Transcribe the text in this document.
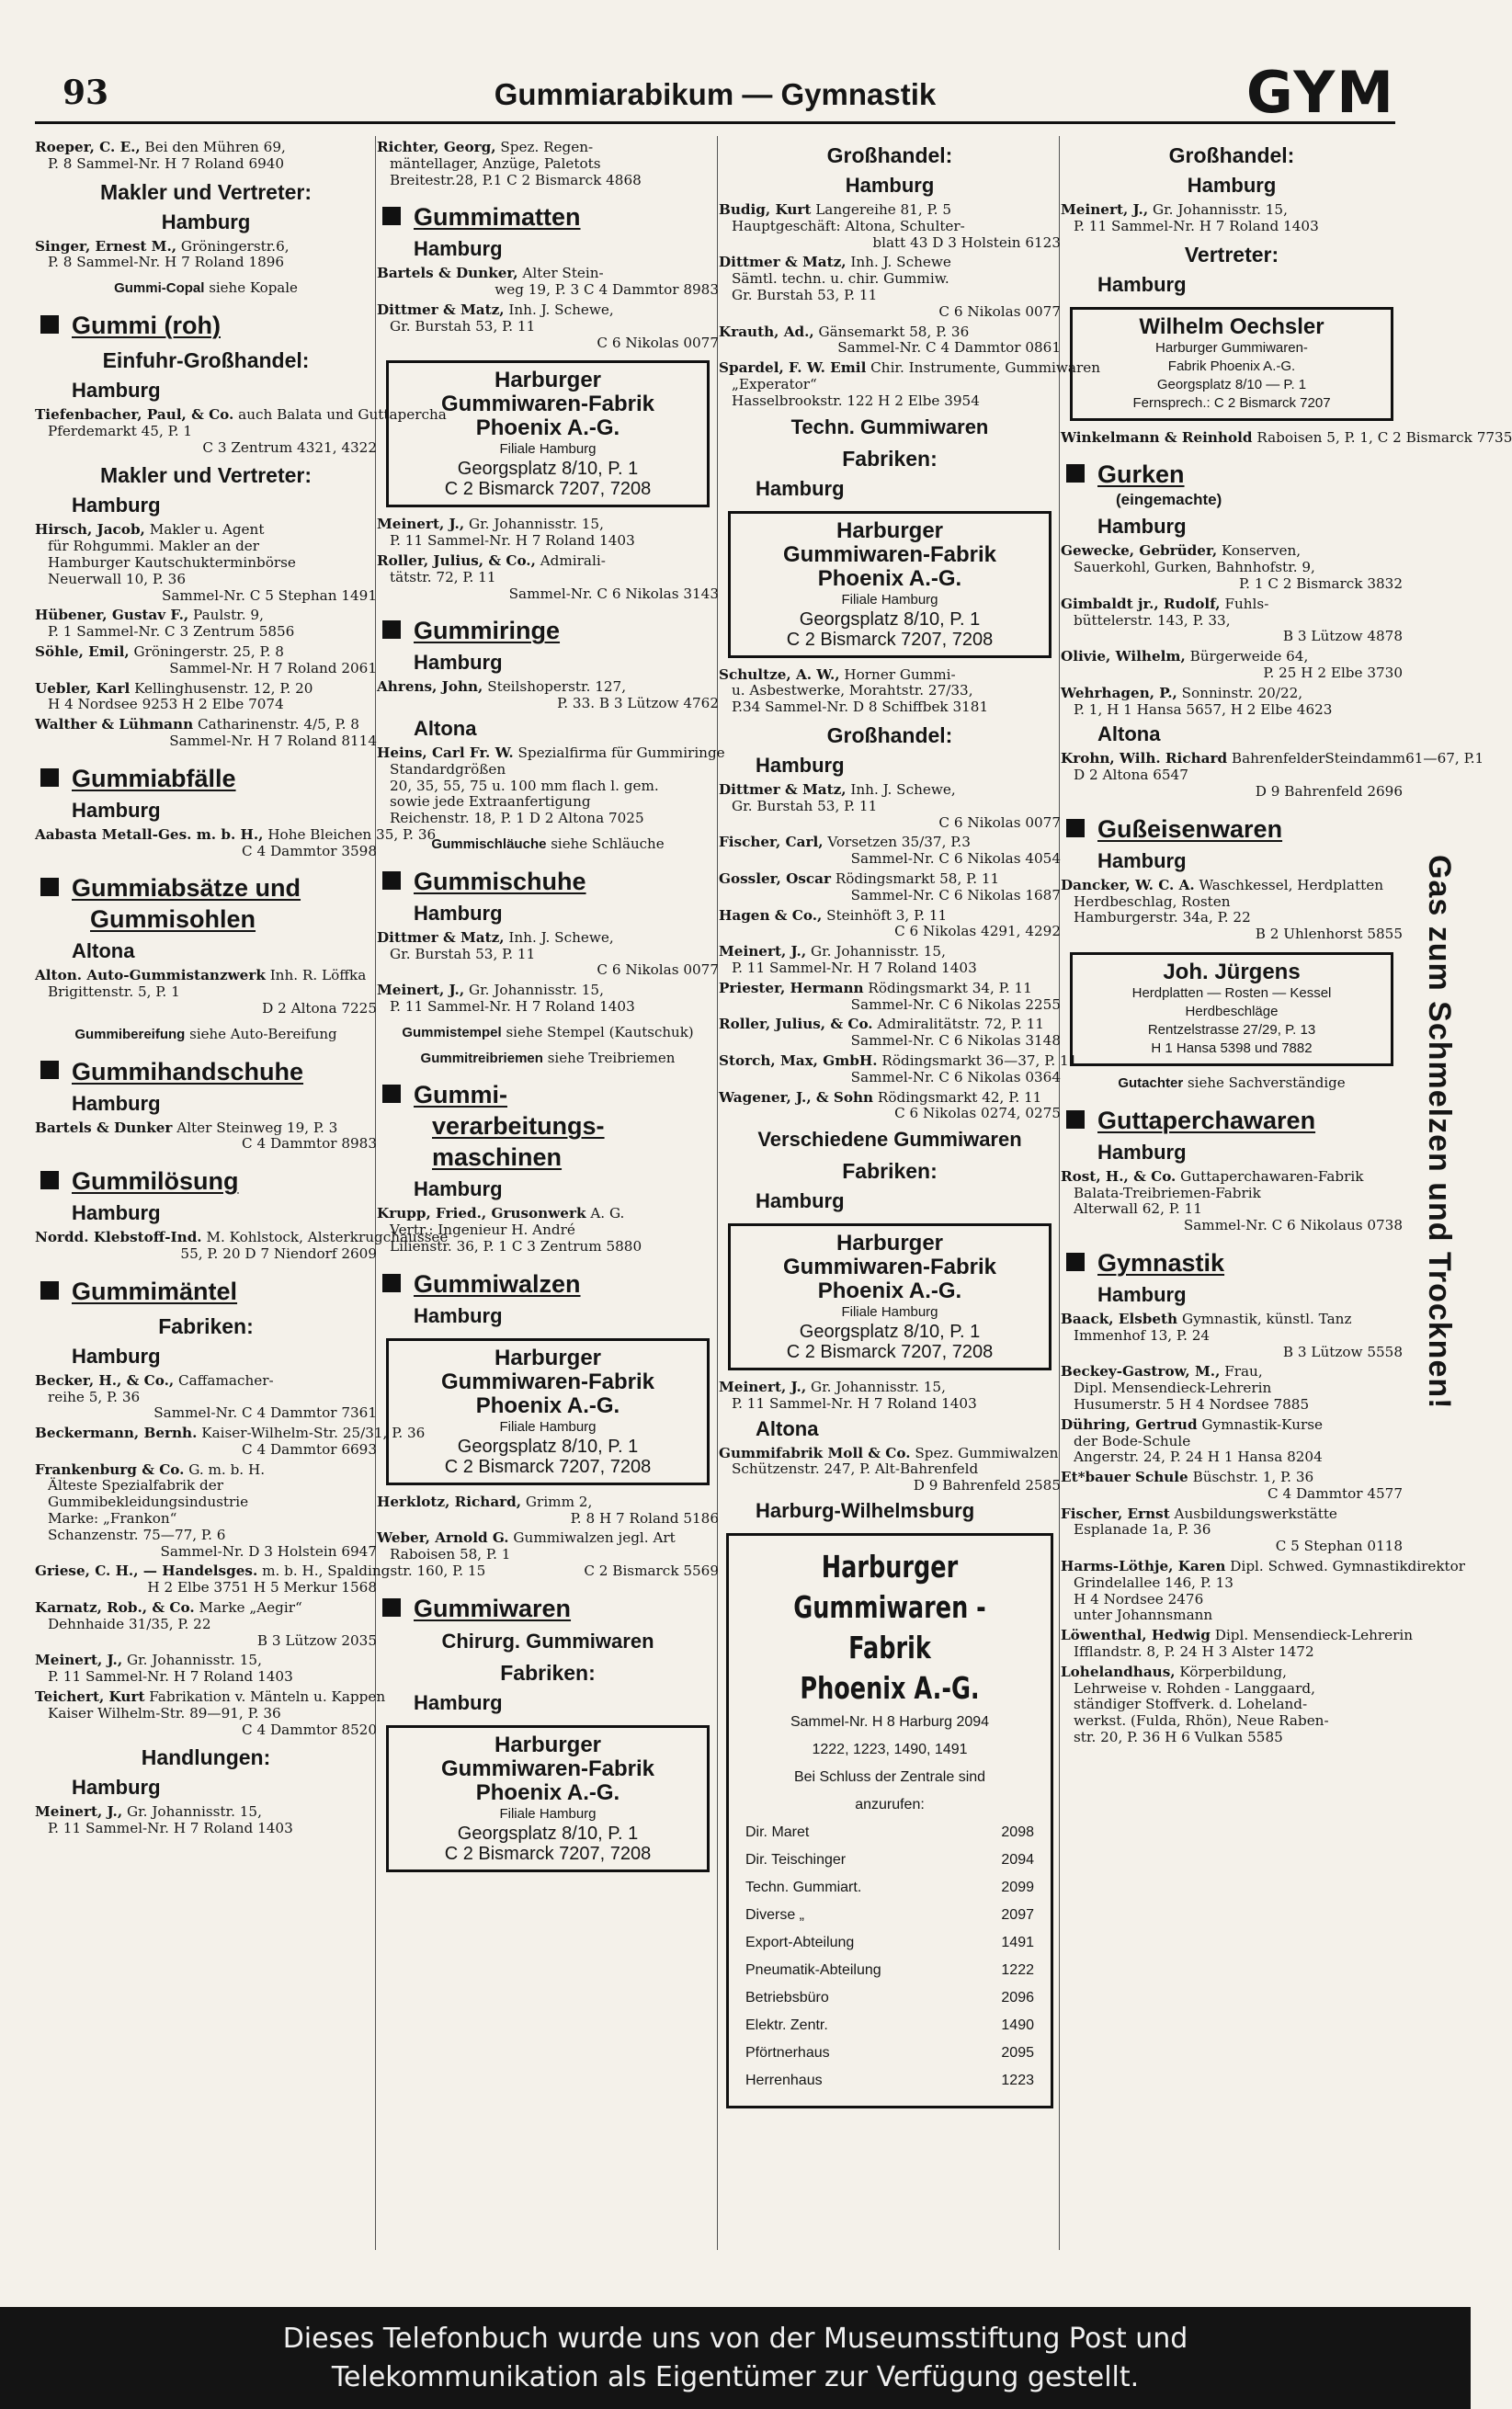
93	Gummiarabikum — Gymnastik	GYM
Roeper, C. E., Bei den Mühren 69,
P. 8 Sammel-Nr. H 7 Roland 6940
Makler und Vertreter:
Hamburg
Singer, Ernest M., Gröningerstr.6,
P. 8 Sammel-Nr. H 7 Roland 1896
Gummi-Copal siehe Kopale
Gummi (roh)
Einfuhr-Großhandel:
Hamburg
Tiefenbacher, Paul, & Co. auch Balata und Guttapercha
Pferdemarkt 45, P. 1
C 3 Zentrum 4321, 4322
Makler und Vertreter:
Hamburg
Hirsch, Jacob, Makler u. Agent
für Rohgummi. Makler an der
Hamburger Kautschukterminbörse
Neuerwall 10, P. 36
Sammel-Nr. C 5 Stephan 1491
Hübener, Gustav F., Paulstr. 9,
P. 1 Sammel-Nr. C 3 Zentrum 5856
Söhle, Emil, Gröningerstr. 25, P. 8
Sammel-Nr. H 7 Roland 2061
Uebler, Karl Kellinghusenstr. 12, P. 20
H 4 Nordsee 9253 H 2 Elbe 7074
Walther & Lühmann Catharinenstr. 4/5, P. 8
Sammel-Nr. H 7 Roland 8114
Gummiabfälle
Hamburg
Aabasta Metall-Ges. m. b. H., Hohe Bleichen 35, P. 36
C 4 Dammtor 3598
Gummiabsätze und
Gummisohlen
Altona
Alton. Auto-Gummistanzwerk Inh. R. Löffka
Brigittenstr. 5, P. 1
D 2 Altona 7225
Gummibereifung siehe Auto-Bereifung
Gummihandschuhe
Hamburg
Bartels & Dunker Alter Steinweg 19, P. 3
C 4 Dammtor 8983
Gummilösung
Hamburg
Nordd. Klebstoff-Ind. M. Kohlstock, Alsterkrugchaussee
55, P. 20 D 7 Niendorf 2609
Gummimäntel
Fabriken:
Hamburg
Becker, H., & Co., Caffamacher-
reihe 5, P. 36
Sammel-Nr. C 4 Dammtor 7361
Beckermann, Bernh. Kaiser-Wilhelm-Str. 25/31, P. 36
C 4 Dammtor 6693
Frankenburg & Co. G. m. b. H.
Älteste Spezialfabrik der
Gummibekleidungsindustrie
Marke: „Frankon“
Schanzenstr. 75—77, P. 6
Sammel-Nr. D 3 Holstein 6947
Griese, C. H., — Handelsges. m. b. H., Spaldingstr. 160, P. 15
H 2 Elbe 3751 H 5 Merkur 1568
Karnatz, Rob., & Co. Marke „Aegir“
Dehnhaide 31/35, P. 22
B 3 Lützow 2035
Meinert, J., Gr. Johannisstr. 15,
P. 11 Sammel-Nr. H 7 Roland 1403
Teichert, Kurt Fabrikation v. Mänteln u. Kappen
Kaiser Wilhelm-Str. 89—91, P. 36
C 4 Dammtor 8520
Handlungen:
Hamburg
Meinert, J., Gr. Johannisstr. 15,
P. 11 Sammel-Nr. H 7 Roland 1403
Richter, Georg, Spez. Regen-
mäntellager, Anzüge, Paletots
Breitestr.28, P.1 C 2 Bismarck 4868
Gummimatten
Hamburg
Bartels & Dunker, Alter Stein-
weg 19, P. 3 C 4 Dammtor 8983
Dittmer & Matz, Inh. J. Schewe,
Gr. Burstah 53, P. 11
C 6 Nikolas 0077
Harburger
Gummiwaren-Fabrik
Phoenix A.-G.
Filiale Hamburg
Georgsplatz 8/10, P. 1
C 2 Bismarck 7207, 7208
Meinert, J., Gr. Johannisstr. 15,
P. 11 Sammel-Nr. H 7 Roland 1403
Roller, Julius, & Co., Admirali-
tätstr. 72, P. 11
Sammel-Nr. C 6 Nikolas 3143
Gummiringe
Hamburg
Ahrens, John, Steilshoperstr. 127,
P. 33. B 3 Lützow 4762
Altona
Heins, Carl Fr. W. Spezialfirma für Gummiringe
Standardgrößen
20, 35, 55, 75 u. 100 mm flach l. gem.
sowie jede Extraanfertigung
Reichenstr. 18, P. 1 D 2 Altona 7025
Gummischläuche siehe Schläuche
Gummischuhe
Hamburg
Dittmer & Matz, Inh. J. Schewe,
Gr. Burstah 53, P. 11
C 6 Nikolas 0077
Meinert, J., Gr. Johannisstr. 15,
P. 11 Sammel-Nr. H 7 Roland 1403
Gummistempel siehe Stempel (Kautschuk)
Gummitreibriemen siehe Treibriemen
Gummi-
verarbeitungs-
maschinen
Hamburg
Krupp, Fried., Grusonwerk A. G.
Vertr.: Ingenieur H. André
Lilienstr. 36, P. 1 C 3 Zentrum 5880
Gummiwalzen
Hamburg
Harburger
Gummiwaren-Fabrik
Phoenix A.-G.
Filiale Hamburg
Georgsplatz 8/10, P. 1
C 2 Bismarck 7207, 7208
Herklotz, Richard, Grimm 2,
P. 8 H 7 Roland 5186
Weber, Arnold G. Gummiwalzen jegl. Art
Raboisen 58, P. 1
C 2 Bismarck 5569
Gummiwaren
Chirurg. Gummiwaren
Fabriken:
Hamburg
Harburger
Gummiwaren-Fabrik
Phoenix A.-G.
Filiale Hamburg
Georgsplatz 8/10, P. 1
C 2 Bismarck 7207, 7208
Großhandel:
Hamburg
Budig, Kurt Langereihe 81, P. 5
Hauptgeschäft: Altona, Schulter-
blatt 43 D 3 Holstein 6123
Dittmer & Matz, Inh. J. Schewe
Sämtl. techn. u. chir. Gummiw.
Gr. Burstah 53, P. 11
C 6 Nikolas 0077
Krauth, Ad., Gänsemarkt 58, P. 36
Sammel-Nr. C 4 Dammtor 0861
Spardel, F. W. Emil Chir. Instrumente, Gummiwaren
„Experator“
Hasselbrookstr. 122 H 2 Elbe 3954
Techn. Gummiwaren
Fabriken:
Hamburg
Harburger
Gummiwaren-Fabrik
Phoenix A.-G.
Filiale Hamburg
Georgsplatz 8/10, P. 1
C 2 Bismarck 7207, 7208
Schultze, A. W., Horner Gummi-
u. Asbestwerke, Morahtstr. 27/33,
P.34 Sammel-Nr. D 8 Schiffbek 3181
Großhandel:
Hamburg
Dittmer & Matz, Inh. J. Schewe,
Gr. Burstah 53, P. 11
C 6 Nikolas 0077
Fischer, Carl, Vorsetzen 35/37, P.3
Sammel-Nr. C 6 Nikolas 4054
Gossler, Oscar Rödingsmarkt 58, P. 11
Sammel-Nr. C 6 Nikolas 1687
Hagen & Co., Steinhöft 3, P. 11
C 6 Nikolas 4291, 4292
Meinert, J., Gr. Johannisstr. 15,
P. 11 Sammel-Nr. H 7 Roland 1403
Priester, Hermann Rödingsmarkt 34, P. 11
Sammel-Nr. C 6 Nikolas 2255
Roller, Julius, & Co. Admiralitätstr. 72, P. 11
Sammel-Nr. C 6 Nikolas 3148
Storch, Max, GmbH. Rödingsmarkt 36—37, P. 11
Sammel-Nr. C 6 Nikolas 0364
Wagener, J., & Sohn Rödingsmarkt 42, P. 11
C 6 Nikolas 0274, 0275
Verschiedene Gummiwaren
Fabriken:
Hamburg
Harburger
Gummiwaren-Fabrik
Phoenix A.-G.
Filiale Hamburg
Georgsplatz 8/10, P. 1
C 2 Bismarck 7207, 7208
Meinert, J., Gr. Johannisstr. 15,
P. 11 Sammel-Nr. H 7 Roland 1403
Altona
Gummifabrik Moll & Co. Spez. Gummiwalzen
Schützenstr. 247, P. Alt-Bahrenfeld
D 9 Bahrenfeld 2585
Harburg-Wilhelmsburg
Harburger
Gummiwaren - Fabrik
Phoenix A.-G.
Sammel-Nr. H 8 Harburg 2094
1222, 1223, 1490, 1491
Bei Schluss der Zentrale sind
anzurufen:
Dir. Maret	2098
Dir. Teischinger	2094
Techn. Gummiart.	2099
Diverse „	2097
Export-Abteilung	1491
Pneumatik-Abteilung	1222
Betriebsbüro	2096
Elektr. Zentr.	1490
Pförtnerhaus	2095
Herrenhaus	1223
Großhandel:
Hamburg
Meinert, J., Gr. Johannisstr. 15,
P. 11 Sammel-Nr. H 7 Roland 1403
Vertreter:
Hamburg
Wilhelm Oechsler
Harburger Gummiwaren-
Fabrik Phoenix A.-G.
Georgsplatz 8/10 — P. 1
Fernsprech.: C 2 Bismarck 7207
Winkelmann & Reinhold Raboisen 5, P. 1, C 2 Bismarck 7735
Gurken
(eingemachte)
Hamburg
Gewecke, Gebrüder, Konserven,
Sauerkohl, Gurken, Bahnhofstr. 9,
P. 1 C 2 Bismarck 3832
Gimbaldt jr., Rudolf, Fuhls-
büttelerstr. 143, P. 33,
B 3 Lützow 4878
Olivie, Wilhelm, Bürgerweide 64,
P. 25 H 2 Elbe 3730
Wehrhagen, P., Sonninstr. 20/22,
P. 1, H 1 Hansa 5657, H 2 Elbe 4623
Altona
Krohn, Wilh. Richard BahrenfelderSteindamm61—67, P.1
D 2 Altona 6547
D 9 Bahrenfeld 2696
Gußeisenwaren
Hamburg
Dancker, W. C. A. Waschkessel, Herdplatten
Herdbeschlag, Rosten
Hamburgerstr. 34a, P. 22
B 2 Uhlenhorst 5855
Joh. Jürgens
Herdplatten — Rosten — Kessel
Herdbeschläge
Rentzelstrasse 27/29, P. 13
H 1 Hansa 5398 und 7882
Gutachter siehe Sachverständige
Guttaperchawaren
Hamburg
Rost, H., & Co. Guttaperchawaren-Fabrik
Balata-Treibriemen-Fabrik
Alterwall 62, P. 11
Sammel-Nr. C 6 Nikolaus 0738
Gymnastik
Hamburg
Baack, Elsbeth Gymnastik, künstl. Tanz
Immenhof 13, P. 24
B 3 Lützow 5558
Beckey-Gastrow, M., Frau,
Dipl. Mensendieck-Lehrerin
Husumerstr. 5 H 4 Nordsee 7885
Dühring, Gertrud Gymnastik-Kurse
der Bode-Schule
Angerstr. 24, P. 24 H 1 Hansa 8204
Et*bauer Schule Büschstr. 1, P. 36
C 4 Dammtor 4577
Fischer, Ernst Ausbildungswerkstätte
Esplanade 1a, P. 36
C 5 Stephan 0118
Harms-Löthje, Karen Dipl. Schwed. Gymnastikdirektor
Grindelallee 146, P. 13
H 4 Nordsee 2476
unter Johannsmann
Löwenthal, Hedwig Dipl. Mensendieck-Lehrerin
Ifflandstr. 8, P. 24 H 3 Alster 1472
Lohelandhaus, Körperbildung,
Lehrweise v. Rohden - Langgaard,
ständiger Stoffverk. d. Loheland-
werkst. (Fulda, Rhön), Neue Raben-
str. 20, P. 36 H 6 Vulkan 5585
Gas zum Schmelzen und Trocknen!
Dieses Telefonbuch wurde uns von der Museumsstiftung Post und
Telekommunikation als Eigentümer zur Verfügung gestellt.
